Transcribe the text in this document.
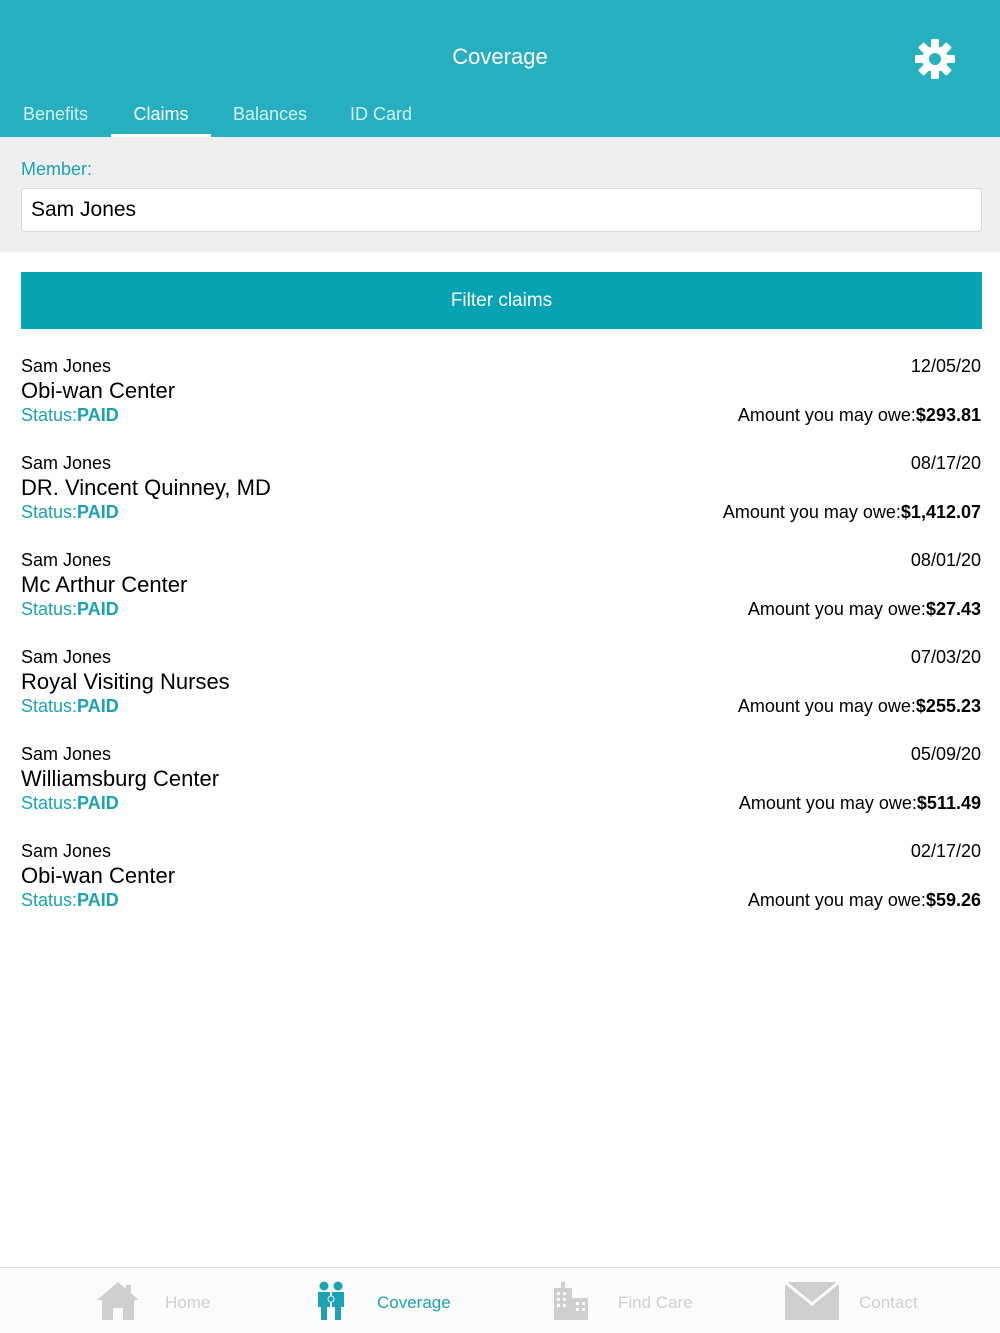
Coverage
Benefits	Claims	Balances	ID Card
Member:
Sam Jones
Filter claims
Sam Jones
Obi-wan Center
Status:PAID
12/05/20
Amount you may owe:$293.81
Sam Jones
DR. Vincent Quinney, MD
Status:PAID
08/17/20
Amount you may owe:$1,412.07
Sam Jones
Mc Arthur Center
Status:PAID
08/01/20
Amount you may owe:$27.43
Sam Jones
Royal Visiting Nurses
Status:PAID
07/03/20
Amount you may owe:$255.23
Sam Jones
Williamsburg Center
Status:PAID
05/09/20
Amount you may owe:$511.49
Sam Jones
Obi-wan Center
Status:PAID
02/17/20
Amount you may owe:$59.26
Home	Coverage	Find Care	Contact
